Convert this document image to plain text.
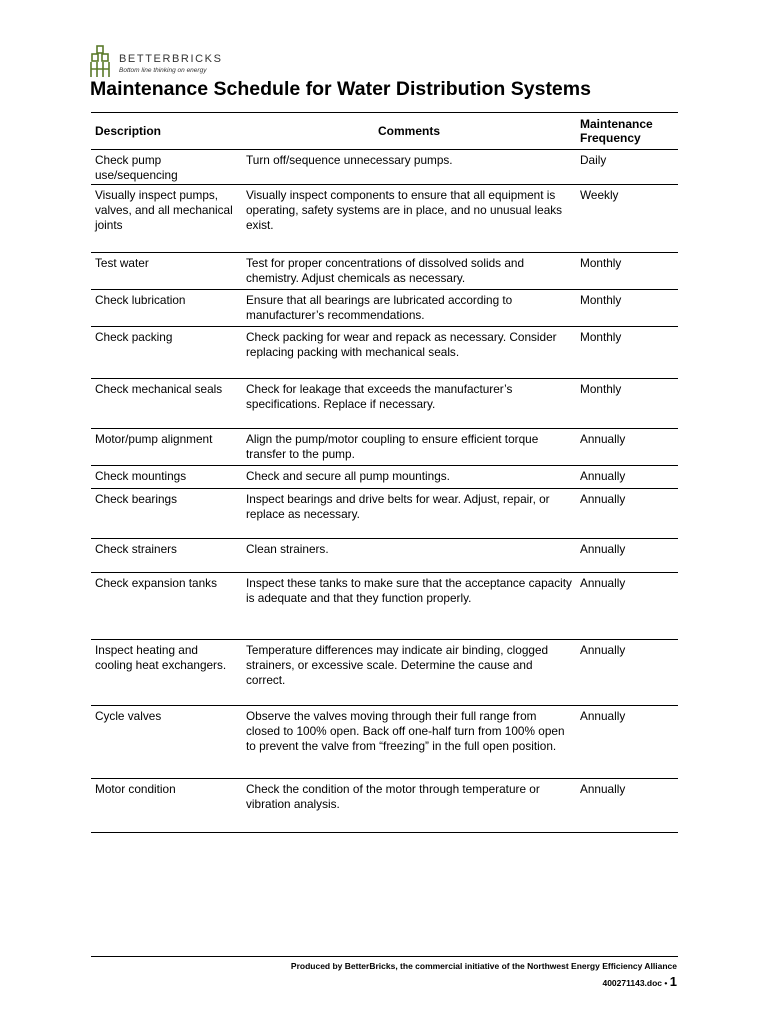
BETTERBRICKS
Bottom line thinking on energy
Maintenance Schedule for Water Distribution Systems
Description	Comments	Maintenance Frequency
Check pump use/sequencing	Turn off/sequence unnecessary pumps.	Daily
Visually inspect pumps, valves, and all mechanical joints	Visually inspect components to ensure that all equipment is operating, safety systems are in place, and no unusual leaks exist.	Weekly
Test water	Test for proper concentrations of dissolved solids and chemistry. Adjust chemicals as necessary.	Monthly
Check lubrication	Ensure that all bearings are lubricated according to manufacturer’s recommendations.	Monthly
Check packing	Check packing for wear and repack as necessary. Consider replacing packing with mechanical seals.	Monthly
Check mechanical seals	Check for leakage that exceeds the manufacturer’s specifications. Replace if necessary.	Monthly
Motor/pump alignment	Align the pump/motor coupling to ensure efficient torque transfer to the pump.	Annually
Check mountings	Check and secure all pump mountings.	Annually
Check bearings	Inspect bearings and drive belts for wear. Adjust, repair, or replace as necessary.	Annually
Check strainers	Clean strainers.	Annually
Check expansion tanks	Inspect these tanks to make sure that the acceptance capacity is adequate and that they function properly.	Annually
Inspect heating and cooling heat exchangers.	Temperature differences may indicate air binding, clogged strainers, or excessive scale. Determine the cause and correct.	Annually
Cycle valves	Observe the valves moving through their full range from closed to 100% open. Back off one-half turn from 100% open to prevent the valve from “freezing” in the full open position.	Annually
Motor condition	Check the condition of the motor through temperature or vibration analysis.	Annually
Produced by BetterBricks, the commercial initiative of the Northwest Energy Efficiency Alliance
400271143.doc • 1
